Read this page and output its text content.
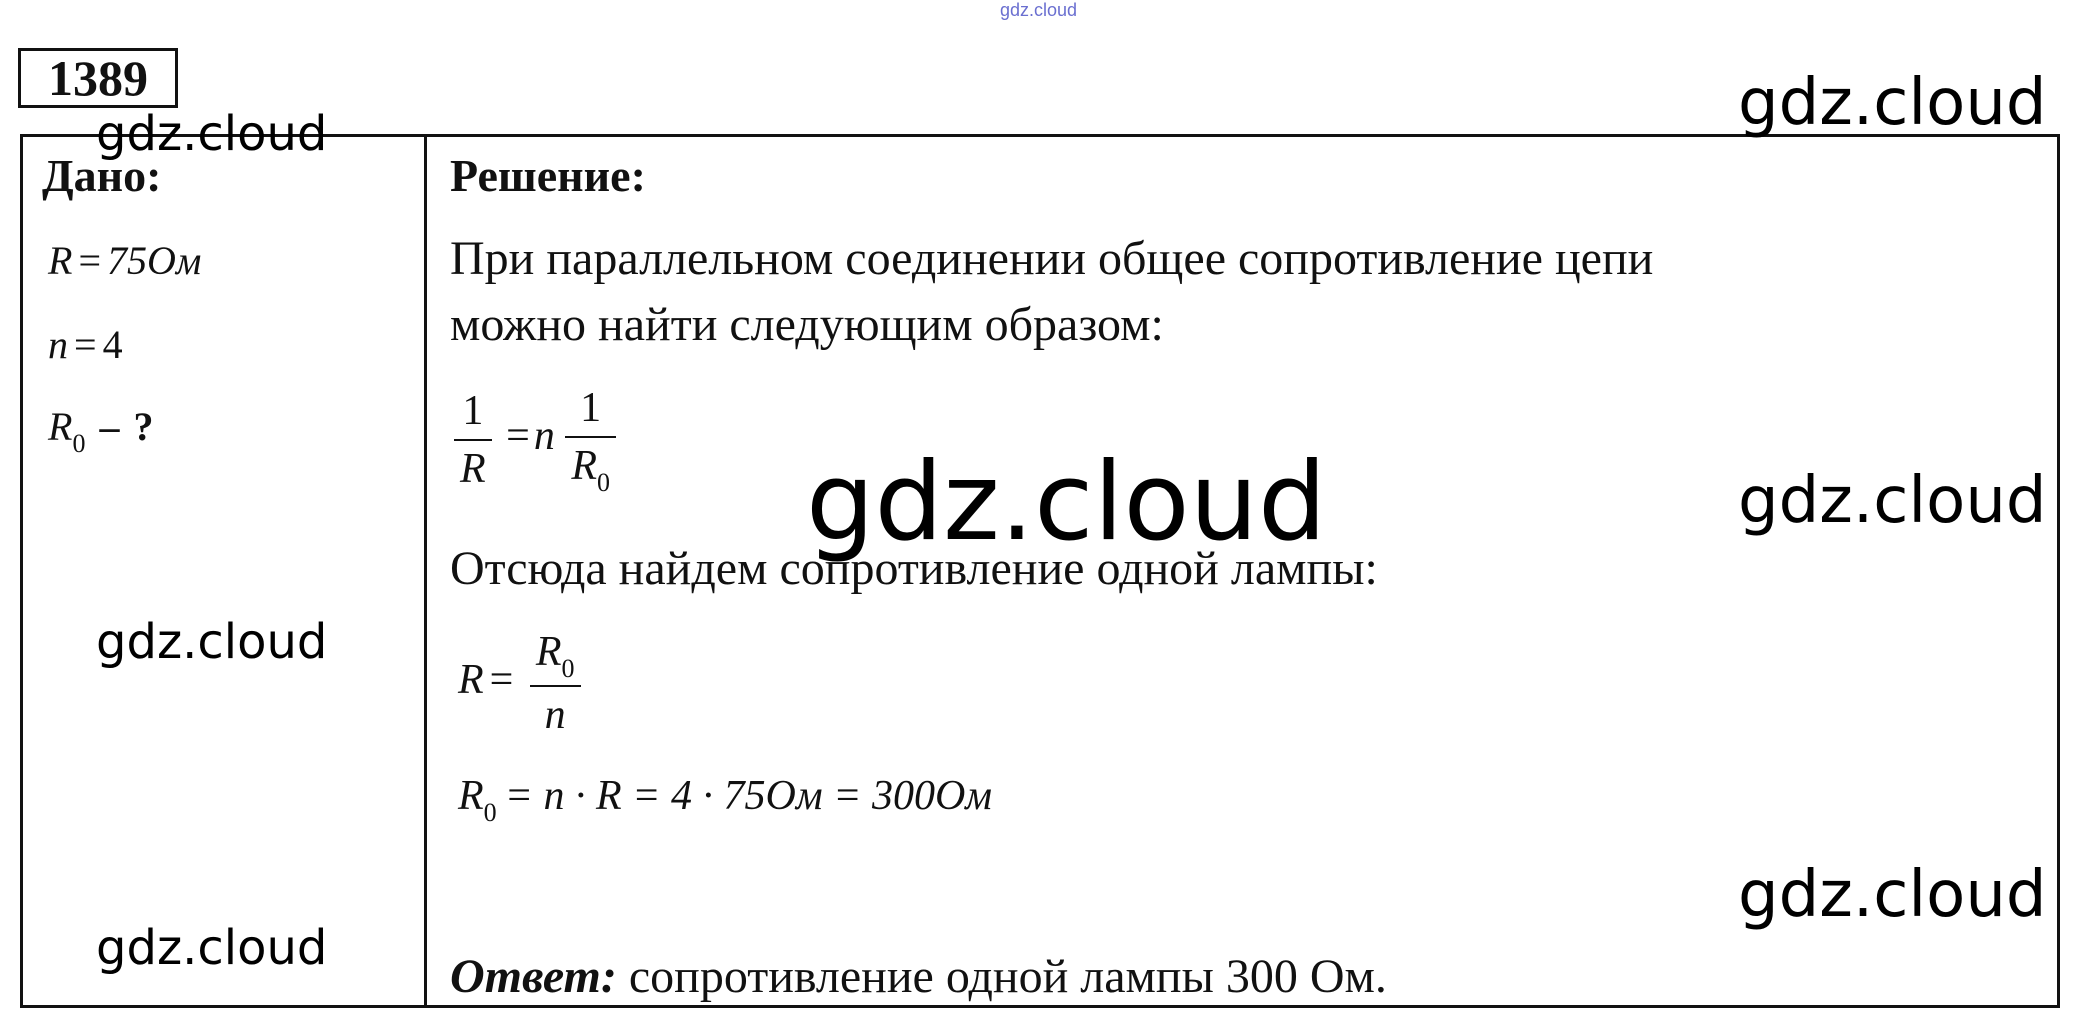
gdz.cloud
1389
Дано:
R = 75Ом
n = 4
$R_0$ – ?
Решение:
При параллельном соединении общее сопротивление цепи
можно найти следующим образом:
$\frac{1}{R} =n \frac{1}{R_0}$
Отсюда найдем сопротивление одной лампы:
$R = \frac{R_0}{n}$
$R_0 = n \cdot R = 4 \cdot 75Ом = 300Ом$
Ответ: сопротивление одной лампы 300 Ом.
gdz.cloud	gdz.cloud
gdz.cloud	gdz.cloud
gdz.cloud
gdz.cloud
gdz.cloud
